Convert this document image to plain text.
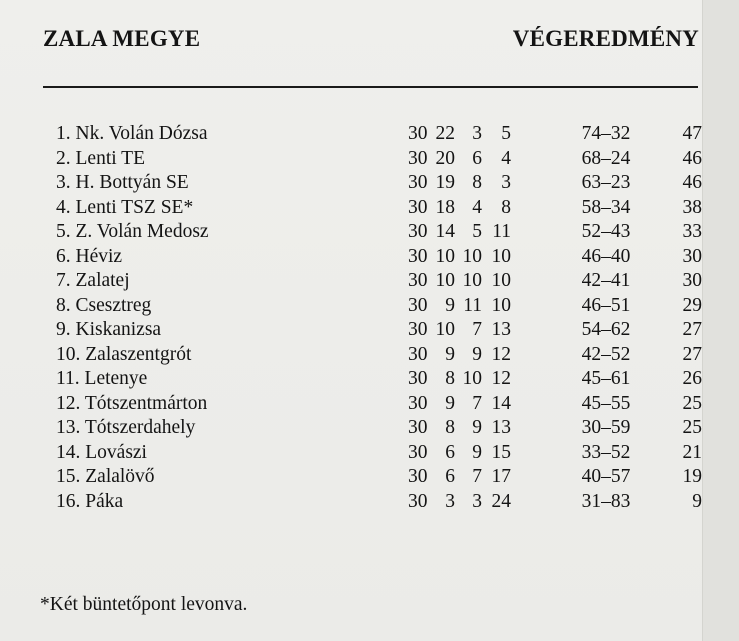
ZALA MEGYE	VÉGEREDMÉNY
1. Nk. Volán Dózsa	30 22 3 5	74–32	47
2. Lenti TE	30 20 6 4	68–24	46
3. H. Bottyán SE	30 19 8 3	63–23	46
4. Lenti TSZ SE*	30 18 4 8	58–34	38
5. Z. Volán Medosz	30 14 5 11	52–43	33
6. Héviz	30 10 10 10	46–40	30
7. Zalatej	30 10 10 10	42–41	30
8. Csesztreg	30 9 11 10	46–51	29
9. Kiskanizsa	30 10 7 13	54–62	27
10. Zalaszentgrót	30 9 9 12	42–52	27
11. Letenye	30 8 10 12	45–61	26
12. Tótszentmárton	30 9 7 14	45–55	25
13. Tótszerdahely	30 8 9 13	30–59	25
14. Lovászi	30 6 9 15	33–52	21
15. Zalalövő	30 6 7 17	40–57	19
16. Páka	30 3 3 24	31–83	9
*Két büntetőpont levonva.
